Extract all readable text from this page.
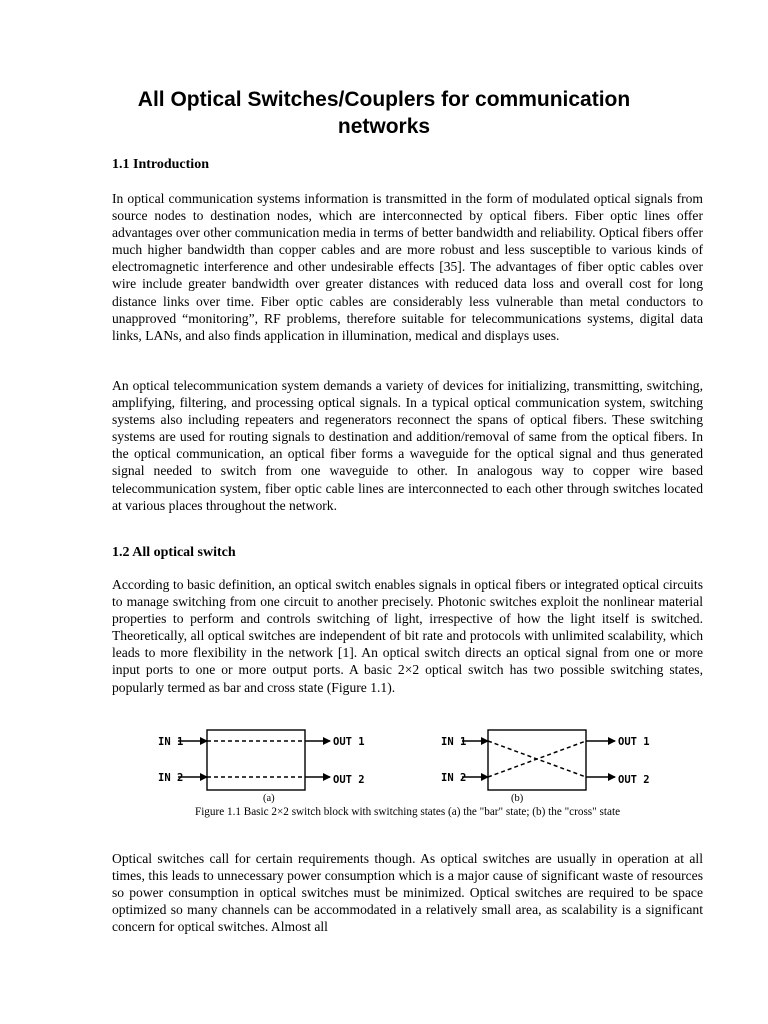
All Optical Switches/Couplers for communication networks
1.1 Introduction

In optical communication systems information is transmitted in the form of modulated optical signals from source nodes to destination nodes, which are interconnected by optical fibers. Fiber optic lines offer advantages over other communication media in terms of better bandwidth and reliability. Optical fibers offer much higher bandwidth than copper cables and are more robust and less susceptible to various kinds of electromagnetic interference and other undesirable effects [35]. The advantages of fiber optic cables over wire include greater bandwidth over greater distances with reduced data loss and overall cost for long distance links over time. Fiber optic cables are considerably less vulnerable than metal conductors to unapproved “monitoring”, RF problems, therefore suitable for telecommunications systems, digital data links, LANs, and also finds application in illumination, medical and displays uses.

An optical telecommunication system demands a variety of devices for initializing, transmitting, switching, amplifying, filtering, and processing optical signals. In a typical optical communication system, switching systems also including repeaters and regenerators reconnect the spans of optical fibers. These switching systems are used for routing signals to destination and addition/removal of same from the optical fibers. In the optical communication, an optical fiber forms a waveguide for the optical signal and thus generated signal needed to switch from one waveguide to other. In analogous way to copper wire based telecommunication system, fiber optic cable lines are interconnected to each other through switches located at various places throughout the network.

1.2 All optical switch

According to basic definition, an optical switch enables signals in optical fibers or integrated optical circuits to manage switching from one circuit to another precisely. Photonic switches exploit the nonlinear material properties to perform and controls switching of light, irrespective of how the light itself is switched. Theoretically, all optical switches are independent of bit rate and protocols with unlimited scalability, which leads to more flexibility in the network [1]. An optical switch directs an optical signal from one or more input ports to one or more output ports. A basic 2×2 optical switch has two possible switching states, popularly termed as bar and cross state (Figure 1.1).

IN 1
IN 2
OUT 1
OUT 2
(a)
IN 1
IN 2
OUT 1
OUT 2
(b)

Figure 1.1 Basic 2×2 switch block with switching states (a) the "bar" state; (b) the "cross" state

Optical switches call for certain requirements though. As optical switches are usually in operation at all times, this leads to unnecessary power consumption which is a major cause of significant waste of resources so power consumption in optical switches must be minimized. Optical switches are required to be space optimized so many channels can be accommodated in a relatively small area, as scalability is a significant concern for optical switches. Almost all
